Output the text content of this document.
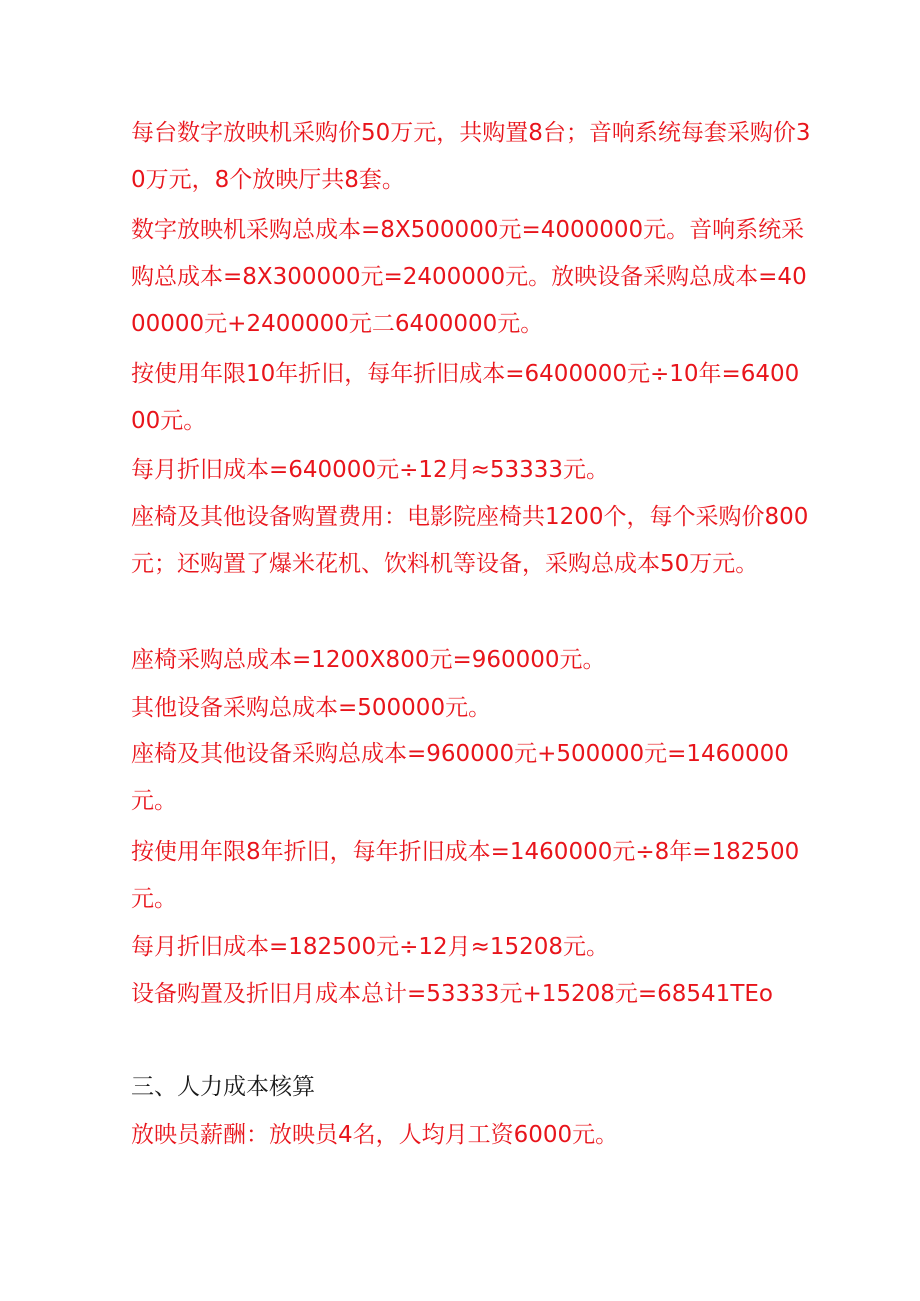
每台数字放映机采购价50万元，共购置8台；音响系统每套采购价30万元，8个放映厅共8套。

数字放映机采购总成本=8X500000元=4000000元。音响系统采购总成本=8X300000元=2400000元。放映设备采购总成本=4000000元+2400000元二6400000元。

按使用年限10年折旧，每年折旧成本=6400000元÷10年=640000元。

每月折旧成本=640000元÷12月≈53333元。

座椅及其他设备购置费用：电影院座椅共1200个，每个采购价800元；还购置了爆米花机、饮料机等设备，采购总成本50万元。

座椅采购总成本=1200X800元=960000元。

其他设备采购总成本=500000元。

座椅及其他设备采购总成本=960000元+500000元=1460000元。

按使用年限8年折旧，每年折旧成本=1460000元÷8年=182500元。

每月折旧成本=182500元÷12月≈15208元。

设备购置及折旧月成本总计=53333元+15208元=68541TEo

三、人力成本核算

放映员薪酬：放映员4名，人均月工资6000元。
